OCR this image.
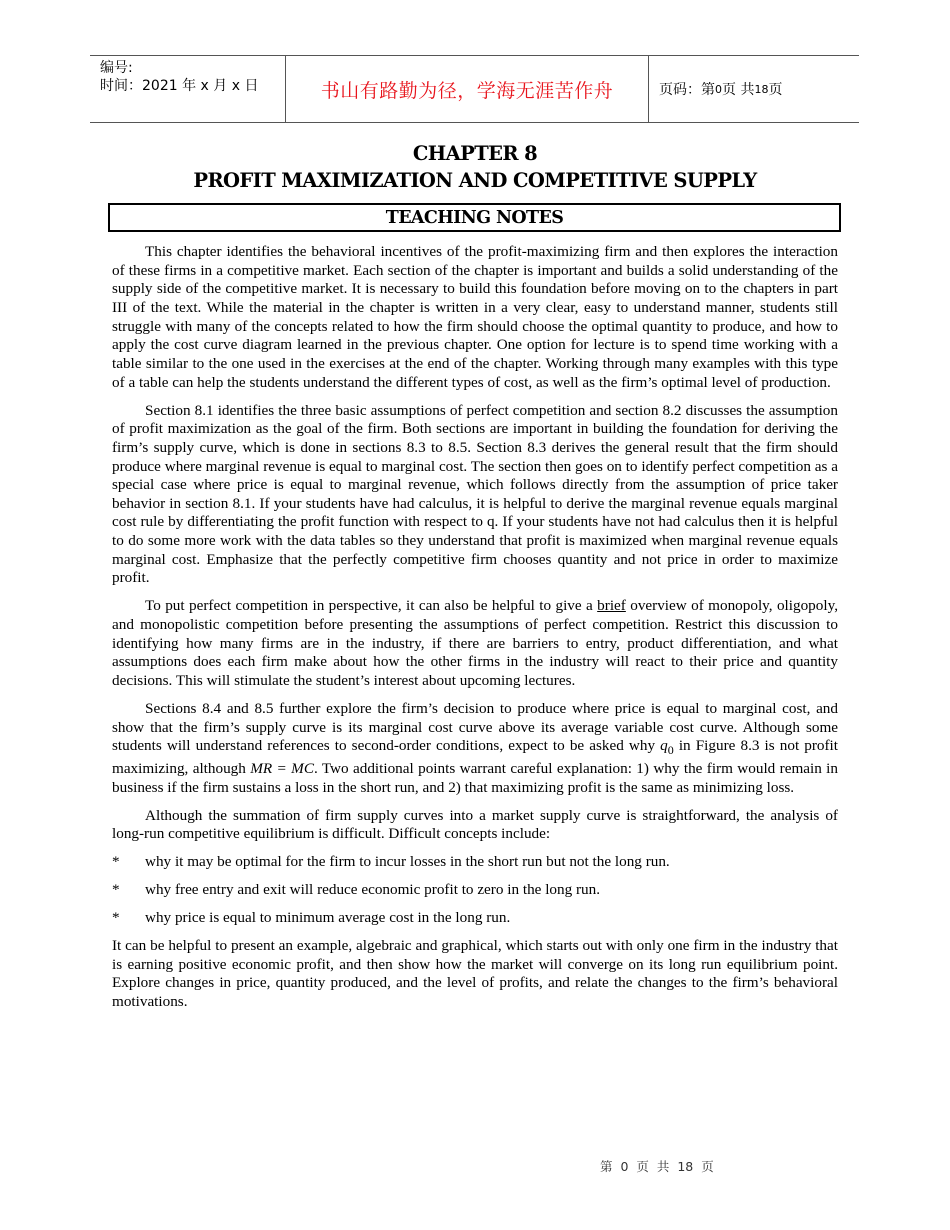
编号:
时间：2021 年 x 月 x 日	书山有路勤为径，学海无涯苦作舟	页码：第 0 页 共 18 页
CHAPTER 8
PROFIT MAXIMIZATION AND COMPETITIVE SUPPLY
TEACHING NOTES

This chapter identifies the behavioral incentives of the profit-maximizing firm and then explores the interaction of these firms in a competitive market. Each section of the chapter is important and builds a solid understanding of the supply side of the competitive market. It is necessary to build this foundation before moving on to the chapters in part III of the text. While the material in the chapter is written in a very clear, easy to understand manner, students still struggle with many of the concepts related to how the firm should choose the optimal quantity to produce, and how to apply the cost curve diagram learned in the previous chapter. One option for lecture is to spend time working with a table similar to the one used in the exercises at the end of the chapter. Working through many examples with this type of a table can help the students understand the different types of cost, as well as the firm’s optimal level of production.

Section 8.1 identifies the three basic assumptions of perfect competition and section 8.2 discusses the assumption of profit maximization as the goal of the firm. Both sections are important in building the foundation for deriving the firm’s supply curve, which is done in sections 8.3 to 8.5. Section 8.3 derives the general result that the firm should produce where marginal revenue is equal to marginal cost. The section then goes on to identify perfect competition as a special case where price is equal to marginal revenue, which follows directly from the assumption of price taker behavior in section 8.1. If your students have had calculus, it is helpful to derive the marginal revenue equals marginal cost rule by differentiating the profit function with respect to q. If your students have not had calculus then it is helpful to do some more work with the data tables so they understand that profit is maximized when marginal revenue equals marginal cost. Emphasize that the perfectly competitive firm chooses quantity and not price in order to maximize profit.

To put perfect competition in perspective, it can also be helpful to give a brief overview of monopoly, oligopoly, and monopolistic competition before presenting the assumptions of perfect competition. Restrict this discussion to identifying how many firms are in the industry, if there are barriers to entry, product differentiation, and what assumptions does each firm make about how the other firms in the industry will react to their price and quantity decisions. This will stimulate the student’s interest about upcoming lectures.

Sections 8.4 and 8.5 further explore the firm’s decision to produce where price is equal to marginal cost, and show that the firm’s supply curve is its marginal cost curve above its average variable cost curve. Although some students will understand references to second-order conditions, expect to be asked why $q_0$ in Figure 8.3 is not profit maximizing, although MR = MC. Two additional points warrant careful explanation: 1) why the firm would remain in business if the firm sustains a loss in the short run, and 2) that maximizing profit is the same as minimizing loss.

Although the summation of firm supply curves into a market supply curve is straightforward, the analysis of long-run competitive equilibrium is difficult. Difficult concepts include:

*	why it may be optimal for the firm to incur losses in the short run but not the long run.
*	why free entry and exit will reduce economic profit to zero in the long run.
*	why price is equal to minimum average cost in the long run.

It can be helpful to present an example, algebraic and graphical, which starts out with only one firm in the industry that is earning positive economic profit, and then show how the market will converge on its long run equilibrium point. Explore changes in price, quantity produced, and the level of profits, and relate the changes to the firm’s behavioral motivations.

第 0 页 共 18 页
